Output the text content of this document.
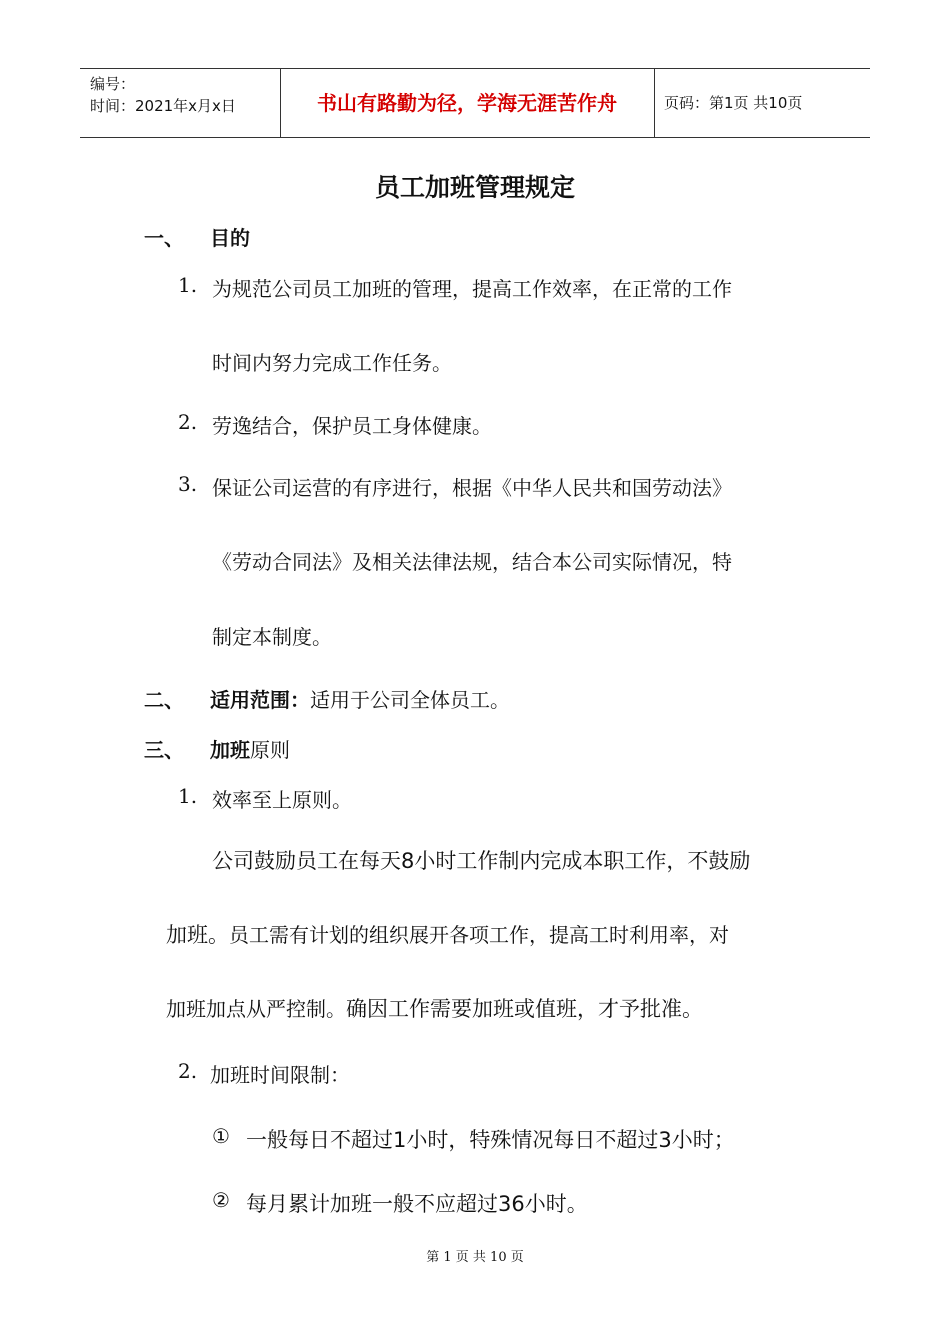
编号：
时间：2021年x月x日	书山有路勤为径，学海无涯苦作舟	页码：第1页 共10页
员工加班管理规定
一、 目的
1. 为规范公司员工加班的管理，提高工作效率，在正常的工作
时间内努力完成工作任务。
2. 劳逸结合，保护员工身体健康。
3. 保证公司运营的有序进行，根据《中华人民共和国劳动法》
《劳动合同法》及相关法律法规，结合本公司实际情况，特
制定本制度。
二、 适用范围：适用于公司全体员工。
三、 加班原则
1. 效率至上原则。
公司鼓励员工在每天8小时工作制内完成本职工作，不鼓励
加班。员工需有计划的组织展开各项工作，提高工时利用率，对
加班加点从严控制。确因工作需要加班或值班，才予批准。
2. 加班时间限制：
① 一般每日不超过1小时，特殊情况每日不超过3小时；
② 每月累计加班一般不应超过36小时。
第 1 页 共 10 页
